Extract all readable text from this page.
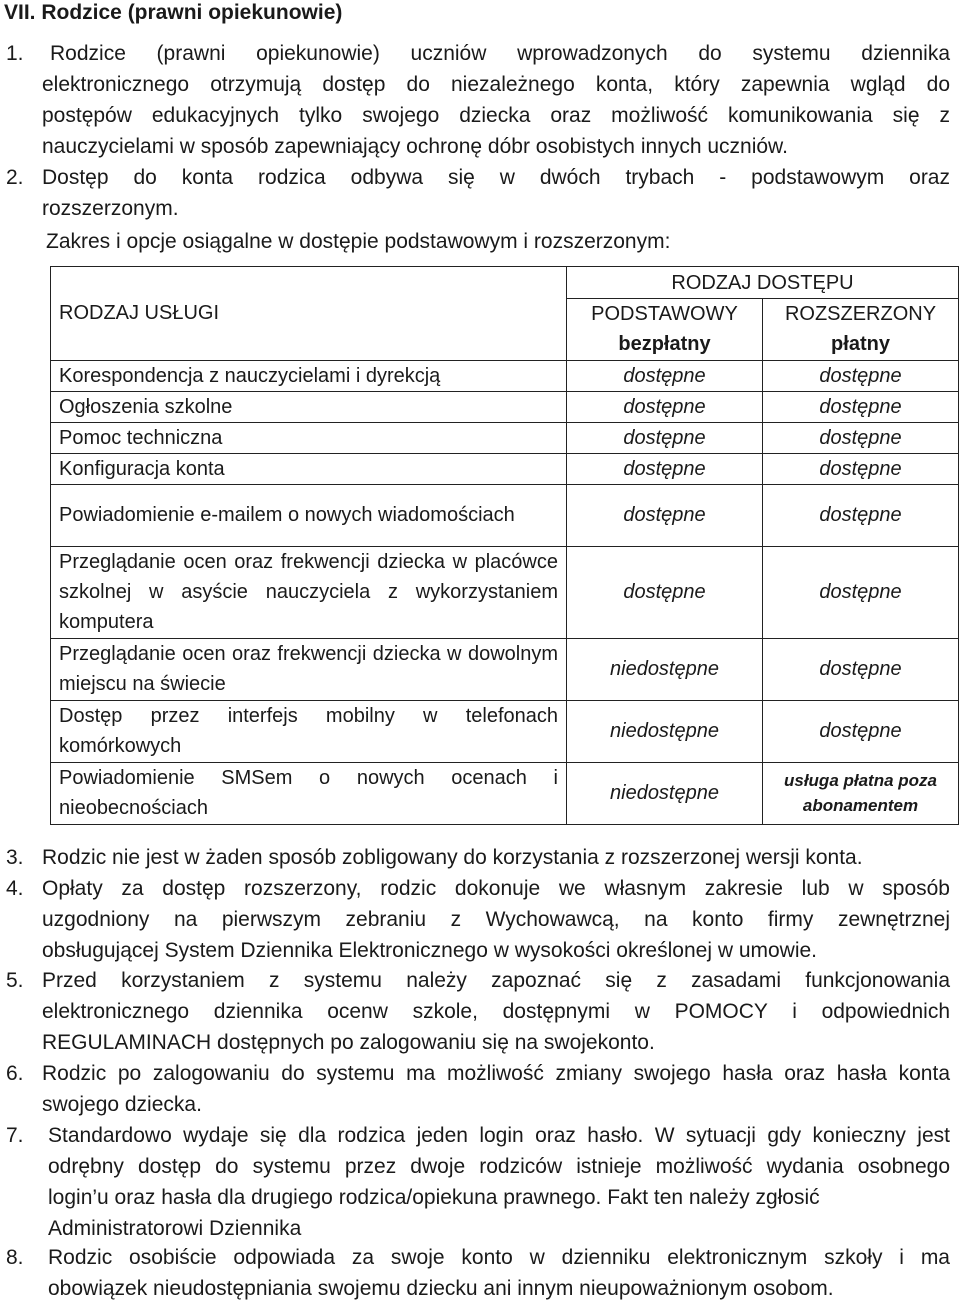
VII. Rodzice (prawni opiekunowie)
1. Rodzice (prawni opiekunowie) uczniów wprowadzonych do systemu dziennika
elektronicznego otrzymują dostęp do niezależnego konta, który zapewnia wgląd do
postępów edukacyjnych tylko swojego dziecka oraz możliwość komunikowania się z
nauczycielami w sposób zapewniający ochronę dóbr osobistych innych uczniów.
2. Dostęp do konta rodzica odbywa się w dwóch trybach - podstawowym oraz
rozszerzonym.
Zakres i opcje osiągalne w dostępie podstawowym i rozszerzonym:
RODZAJ USŁUGI	RODZAJ DOSTĘPU	
	PODSTAWOWY	ROZSZERZONY
	bezpłatny	płatny
Korespondencja z nauczycielami i dyrekcją	dostępne	dostępne
Ogłoszenia szkolne	dostępne	dostępne
Pomoc techniczna	dostępne	dostępne
Konfiguracja konta	dostępne	dostępne
Powiadomienie e-mailem o nowych wiadomościach	dostępne	dostępne
Przeglądanie ocen oraz frekwencji dziecka w placówce szkolnej w asyście nauczyciela z wykorzystaniem komputera	dostępne	dostępne
Przeglądanie ocen oraz frekwencji dziecka w dowolnym miejscu na świecie	niedostępne	dostępne
Dostęp przez interfejs mobilny w telefonach komórkowych	niedostępne	dostępne
Powiadomienie SMSem o nowych ocenach i nieobecnościach	niedostępne	usługa płatna poza abonamentem
3. Rodzic nie jest w żaden sposób zobligowany do korzystania z rozszerzonej wersji konta.
4. Opłaty za dostęp rozszerzony, rodzic dokonuje we własnym zakresie lub w sposób
uzgodniony na pierwszym zebraniu z Wychowawcą, na konto firmy zewnętrznej
obsługującej System Dziennika Elektronicznego w wysokości określonej w umowie.
5. Przed korzystaniem z systemu należy zapoznać się z zasadami funkcjonowania
elektronicznego dziennika ocenw szkole, dostępnymi w POMOCY i odpowiednich
REGULAMINACH dostępnych po zalogowaniu się na swojekonto.
6. Rodzic po zalogowaniu do systemu ma możliwość zmiany swojego hasła oraz hasła konta
swojego dziecka.
7. Standardowo wydaje się dla rodzica jeden login oraz hasło. W sytuacji gdy konieczny jest
odrębny dostęp do systemu przez dwoje rodziców istnieje możliwość wydania osobnego
login’u oraz hasła dla drugiego rodzica/opiekuna prawnego. Fakt ten należy zgłosić
Administratorowi Dziennika
8. Rodzic osobiście odpowiada za swoje konto w dzienniku elektronicznym szkoły i ma
obowiązek nieudostępniania swojemu dziecku ani innym nieupoważnionym osobom.
